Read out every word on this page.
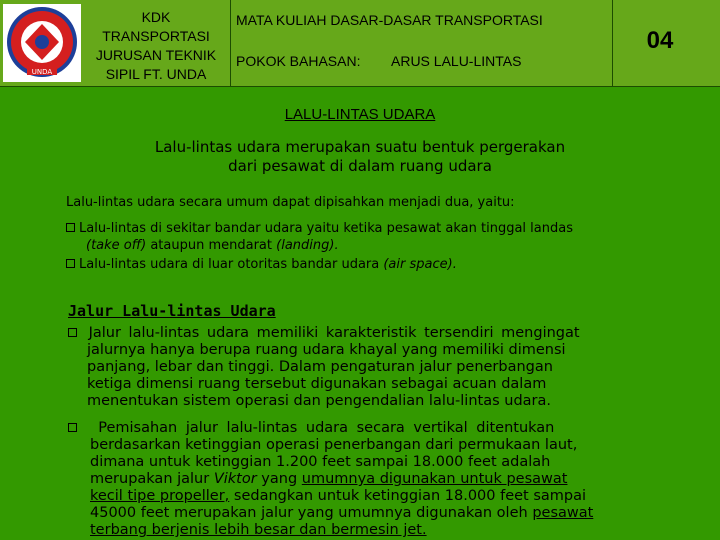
UNDA
KDK
TRANSPORTASI
JURUSAN TEKNIK
SIPIL FT. UNDA
MATA KULIAH DASAR-DASAR TRANSPORTASI
POKOK BAHASAN: ARUS LALU-LINTAS
04
LALU-LINTAS UDARA
Lalu-lintas udara merupakan suatu bentuk pergerakan
dari pesawat di dalam ruang udara
Lalu-lintas udara secara umum dapat dipisahkan menjadi dua, yaitu:
Lalu-lintas di sekitar bandar udara yaitu ketika pesawat akan tinggal landas
(take off) ataupun mendarat (landing).
Lalu-lintas udara di luar otoritas bandar udara (air space).
Jalur Lalu-lintas Udara
Jalur lalu-lintas udara memiliki karakteristik tersendiri mengingat
jalurnya hanya berupa ruang udara khayal yang memiliki dimensi
panjang, lebar dan tinggi. Dalam pengaturan jalur penerbangan
ketiga dimensi ruang tersebut digunakan sebagai acuan dalam
menentukan sistem operasi dan pengendalian lalu-lintas udara.
Pemisahan jalur lalu-lintas udara secara vertikal ditentukan
berdasarkan ketinggian operasi penerbangan dari permukaan laut,
dimana untuk ketinggian 1.200 feet sampai 18.000 feet adalah
merupakan jalur Viktor yang umumnya digunakan untuk pesawat
kecil tipe propeller, sedangkan untuk ketinggian 18.000 feet sampai
45000 feet merupakan jalur yang umumnya digunakan oleh pesawat
terbang berjenis lebih besar dan bermesin jet.
